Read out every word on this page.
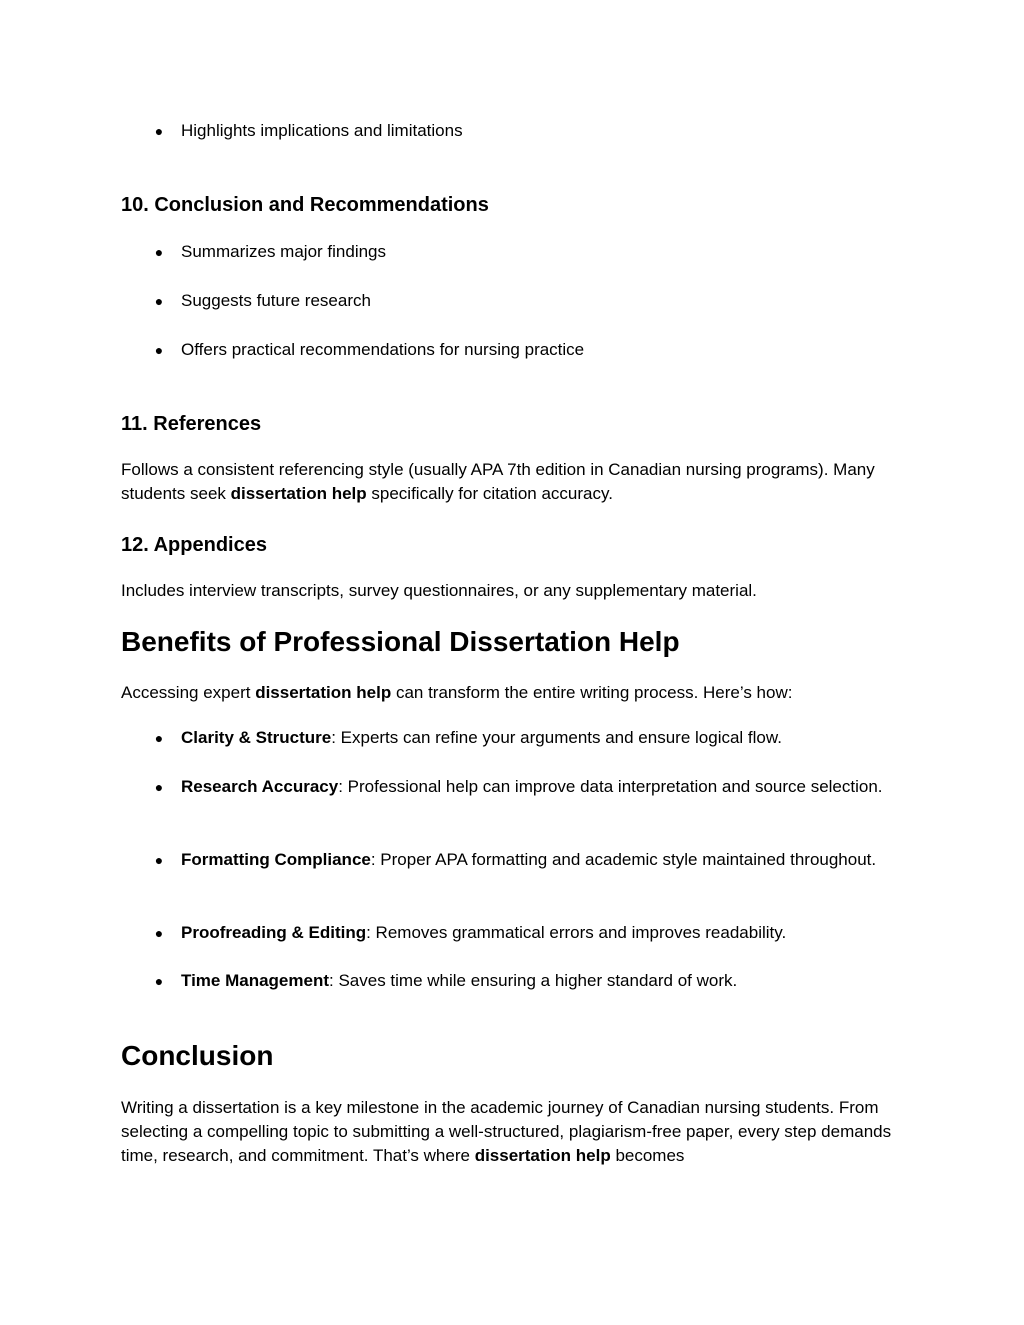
●	Highlights implications and limitations
10. Conclusion and Recommendations
●	Summarizes major findings
●	Suggests future research
●	Offers practical recommendations for nursing practice
11. References

Follows a consistent referencing style (usually APA 7th edition in Canadian nursing programs). Many students seek dissertation help specifically for citation accuracy.

12. Appendices

Includes interview transcripts, survey questionnaires, or any supplementary material.

Benefits of Professional Dissertation Help

Accessing expert dissertation help can transform the entire writing process. Here’s how:

●	Clarity & Structure: Experts can refine your arguments and ensure logical flow.
●	Research Accuracy: Professional help can improve data interpretation and source selection.
●	Formatting Compliance: Proper APA formatting and academic style maintained throughout.
●	Proofreading & Editing: Removes grammatical errors and improves readability.
●	Time Management: Saves time while ensuring a higher standard of work.
Conclusion

Writing a dissertation is a key milestone in the academic journey of Canadian nursing students. From selecting a compelling topic to submitting a well-structured, plagiarism-free paper, every step demands time, research, and commitment. That’s where dissertation help becomes
